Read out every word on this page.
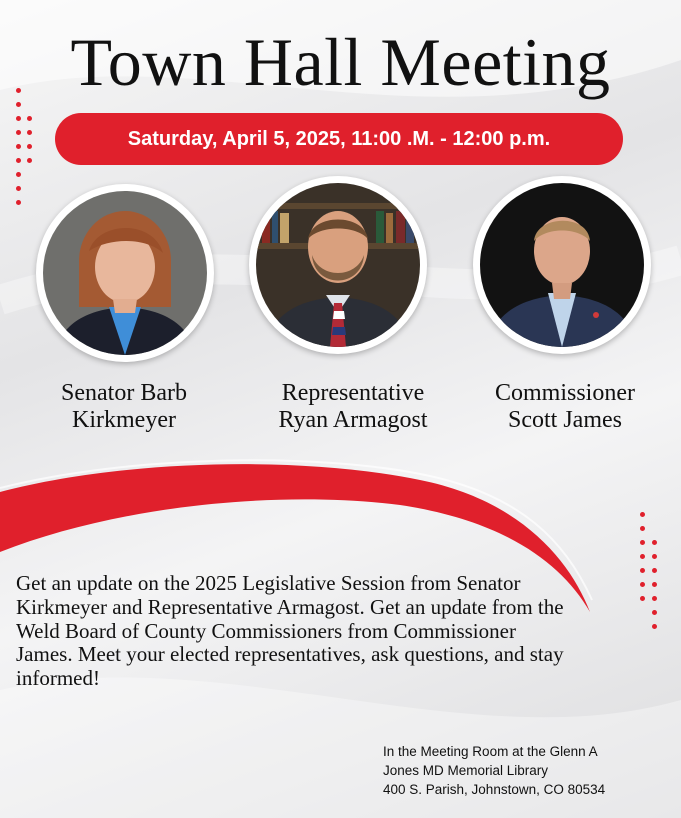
Town Hall Meeting
Saturday, April 5, 2025, 11:00 .M. - 12:00 p.m.
Senator Barb
Kirkmeyer
Representative
Ryan Armagost
Commissioner
Scott James
Get an update on the 2025 Legislative Session from Senator Kirkmeyer and Representative Armagost. Get an update from the Weld Board of County Commissioners from Commissioner James. Meet your elected representatives, ask questions, and stay informed!
In the Meeting Room at the Glenn A
Jones MD Memorial Library
400 S. Parish, Johnstown, CO 80534
